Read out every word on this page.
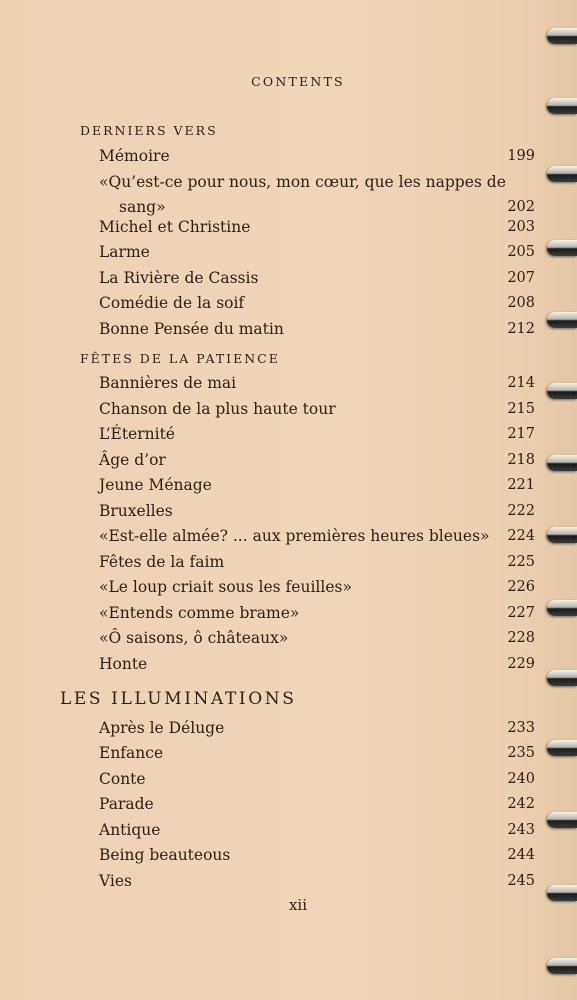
CONTENTS
DERNIERS VERS
Mémoire	199
«Qu’est-ce pour nous, mon cœur, que les nappes de
sang»	202
Michel et Christine	203
Larme	205
La Rivière de Cassis	207
Comédie de la soif	208
Bonne Pensée du matin	212
FÊTES DE LA PATIENCE
Bannières de mai	214
Chanson de la plus haute tour	215
L’Éternité	217
Âge d’or	218
Jeune Ménage	221
Bruxelles	222
«Est-elle almée? ... aux premières heures bleues»	224
Fêtes de la faim	225
«Le loup criait sous les feuilles»	226
«Entends comme brame»	227
«Ô saisons, ô châteaux»	228
Honte	229
LES ILLUMINATIONS
Après le Déluge	233
Enfance	235
Conte	240
Parade	242
Antique	243
Being beauteous	244
Vies	245
xii
